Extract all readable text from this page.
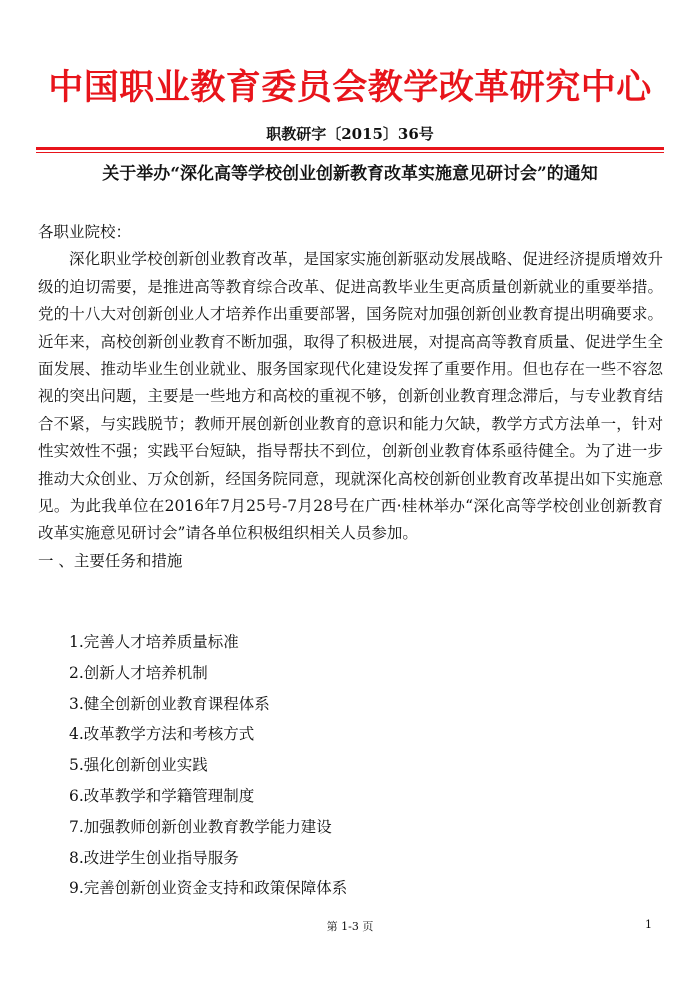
中国职业教育委员会教学改革研究中心
职教研字〔2015〕36号
关于举办“深化高等学校创业创新教育改革实施意见研讨会”的通知

各职业院校：

深化职业学校创新创业教育改革，是国家实施创新驱动发展战略、促进经济提质增效升级的迫切需要，是推进高等教育综合改革、促进高教毕业生更高质量创新就业的重要举措。党的十八大对创新创业人才培养作出重要部署，国务院对加强创新创业教育提出明确要求。近年来，高校创新创业教育不断加强，取得了积极进展，对提高高等教育质量、促进学生全面发展、推动毕业生创业就业、服务国家现代化建设发挥了重要作用。但也存在一些不容忽视的突出问题，主要是一些地方和高校的重视不够，创新创业教育理念滞后，与专业教育结合不紧，与实践脱节；教师开展创新创业教育的意识和能力欠缺，教学方式方法单一，针对性实效性不强；实践平台短缺，指导帮扶不到位，创新创业教育体系亟待健全。为了进一步推动大众创业、万众创新，经国务院同意，现就深化高校创新创业教育改革提出如下实施意见。为此我单位在2016年7月25号-7月28号在广西·桂林举办“深化高等学校创业创新教育改革实施意见研讨会”请各单位积极组织相关人员参加。

一 、主要任务和措施

1.完善人才培养质量标准
2.创新人才培养机制
3.健全创新创业教育课程体系
4.改革教学方法和考核方式
5.强化创新创业实践
6.改革教学和学籍管理制度
7.加强教师创新创业教育教学能力建设
8.改进学生创业指导服务
9.完善创新创业资金支持和政策保障体系
第 1-3 页	1
